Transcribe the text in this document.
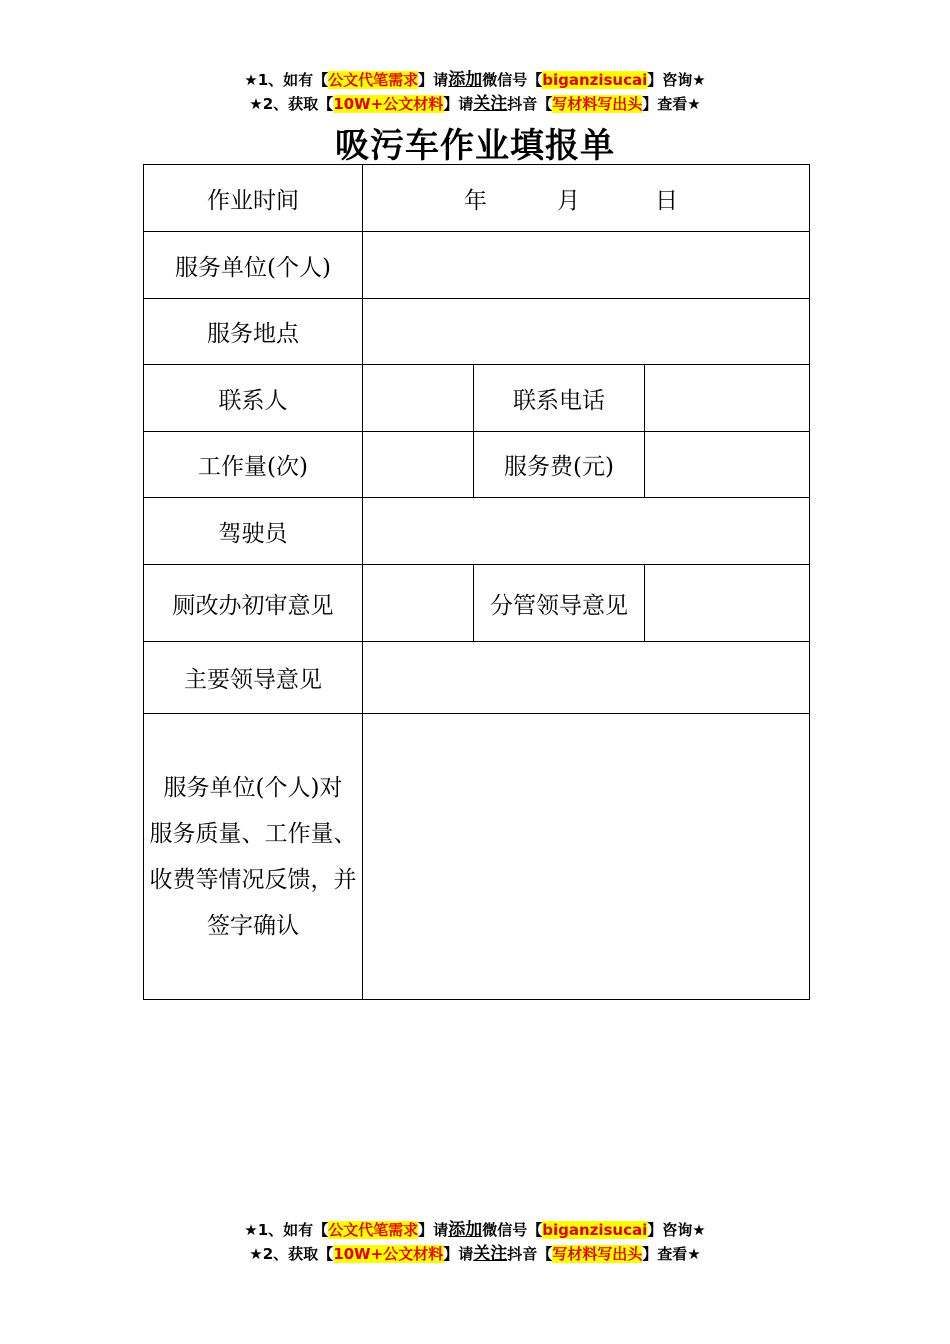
★1、如有【公文代笔需求】请添加微信号【biganzisucai】咨询★
★2、获取【10W+公文材料】请关注抖音【写材料写出头】查看★
吸污车作业填报单
作业时间	年 月 日		
服务单位(个人)			
服务地点			
联系人		联系电话	
工作量(次)		服务费(元)	
驾驶员			
厕改办初审意见		分管领导意见	
主要领导意见			

服务单位(个人)对
服务质量、工作量、
收费等情况反馈，并
签字确认			

★1、如有【公文代笔需求】请添加微信号【biganzisucai】咨询★
★2、获取【10W+公文材料】请关注抖音【写材料写出头】查看★
